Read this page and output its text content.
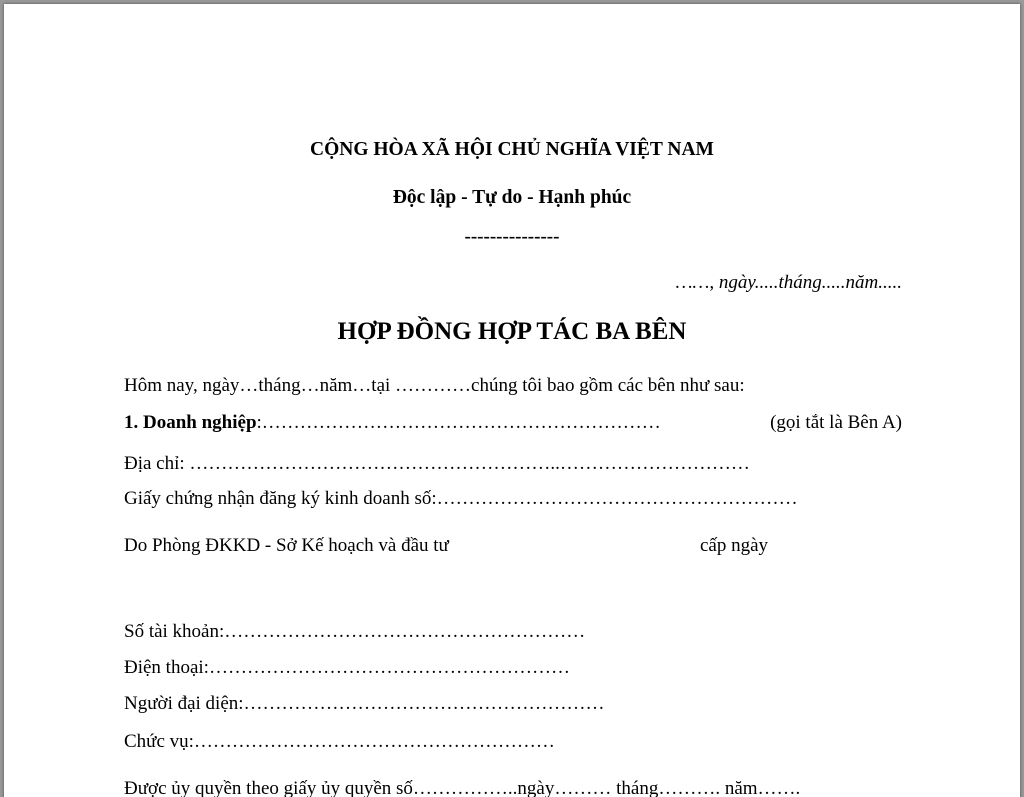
CỘNG HÒA XÃ HỘI CHỦ NGHĨA VIỆT NAM
Độc lập - Tự do - Hạnh phúc
---------------
……, ngày.....tháng.....năm.....
HỢP ĐỒNG HỢP TÁC BA BÊN
Hôm nay, ngày…tháng…năm…tại …………chúng tôi bao gồm các bên như sau:
1. Doanh nghiệp:………………………………………………………	(gọi tắt là Bên A)
Địa chỉ: …………………………………………………..…………………………
Giấy chứng nhận đăng ký kinh doanh số:…………………………………………………
Do Phòng ĐKKD - Sở Kế hoạch và đầu tư	cấp ngày
Số tài khoản:…………………………………………………
Điện thoại:…………………………………………………
Người đại diện:…………………………………………………
Chức vụ:…………………………………………………
Được ủy quyền theo giấy ủy quyền số……………..ngày……… tháng………. năm…….
